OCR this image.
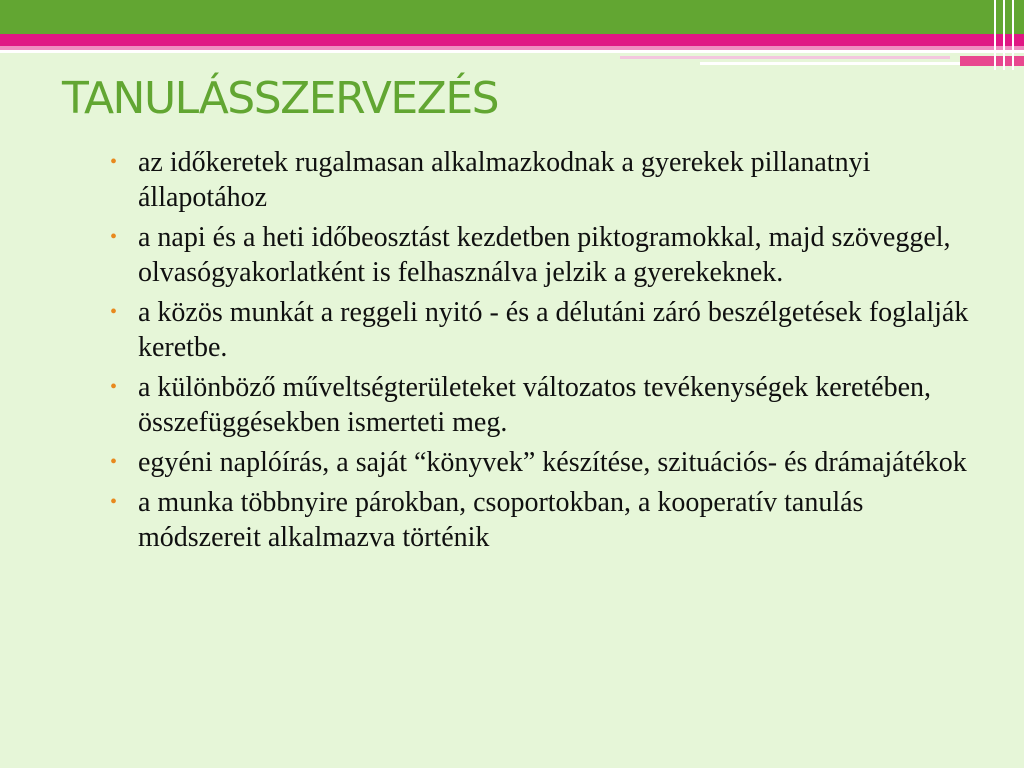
TANULÁSSZERVEZÉS
• az időkeretek rugalmasan alkalmazkodnak a gyerekek pillanatnyi állapotához
• a napi és a heti időbeosztást kezdetben piktogramokkal, majd szöveggel, olvasógyakorlatként is felhasználva jelzik a gyerekeknek.
• a közös munkát a reggeli nyitó - és a délutáni záró beszélgetések foglalják keretbe.
• a különböző műveltségterületeket változatos tevékenységek keretében, összefüggésekben ismerteti meg.
• egyéni naplóírás, a saját “könyvek” készítése, szituációs- és drámajátékok
• a munka többnyire párokban, csoportokban, a kooperatív tanulás módszereit alkalmazva történik
